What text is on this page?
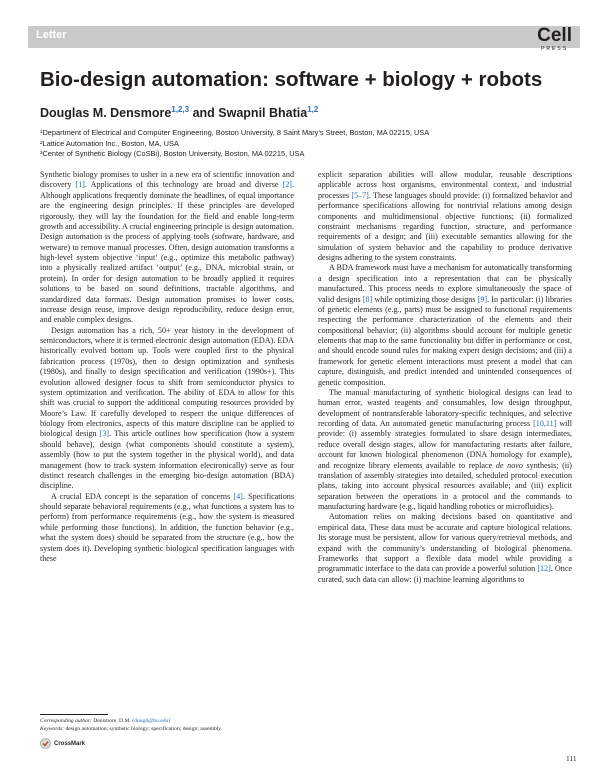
Letter	Cell
PRESS
Bio-design automation: software + biology + robots
Douglas M. Densmore$^{1,2,3}$ and Swapnil Bhatia$^{1,2}$
¹Department of Electrical and Computer Engineering, Boston University, 8 Saint Mary’s Street, Boston, MA 02215, USA
²Lattice Automation Inc., Boston, MA, USA
³Center of Synthetic Biology (CoSBi), Boston University, Boston, MA 02215, USA

Synthetic biology promises to usher in a new era of scientific innovation and discovery [1]. Applications of this technology are broad and diverse [2]. Although applications frequently dominate the headlines, of equal importance are the engineering design principles. If these principles are developed rigorously, they will lay the foundation for the field and enable long-term growth and accessibility. A crucial engineering principle is design automation. Design automation is the process of applying tools (software, hardware, and wetware) to remove manual processes. Often, design automation transforms a high-level system objective ‘input’ (e.g., optimize this metabolic pathway) into a physically realized artifact ‘output’ (e.g., DNA, microbial strain, or protein). In order for design automation to be broadly applied it requires solutions to be based on sound definitions, tractable algorithms, and standardized data formats. Design automation promises to lower costs, increase design reuse, improve design reproducibility, reduce design error, and enable complex designs.

Design automation has a rich, 50+ year history in the development of semiconductors, where it is termed electronic design automation (EDA). EDA historically evolved bottom up. Tools were coupled first to the physical fabrication process (1970s), then to design optimization and synthesis (1980s), and finally to design specification and verification (1990s+). This evolution allowed designer focus to shift from semiconductor physics to system optimization and verification. The ability of EDA to allow for this shift was crucial to support the additional computing resources provided by Moore’s Law. If carefully developed to respect the unique differences of biology from electronics, aspects of this mature discipline can be applied to biological design [3]. This article outlines how specification (how a system should behave), design (what components should constitute a system), assembly (how to put the system together in the physical world), and data management (how to track system information electronically) serve as four distinct research challenges in the emerging bio-design automation (BDA) discipline.

A crucial EDA concept is the separation of concerns [4]. Specifications should separate behavioral requirements (e.g., what functions a system has to perform) from performance requirements (e.g., how the system is measured while performing those functions). In addition, the function behavior (e.g., what the system does) should be separated from the structure (e.g., how the system does it). Developing synthetic biological specification languages with these

explicit separation abilities will allow modular, reusable descriptions applicable across host organisms, environmental context, and industrial processes [5–7]. These languages should provide: (i) formalized behavior and performance specifications allowing for nontrivial relations among design components and multidimensional objective functions; (ii) formalized constraint mechanisms regarding function, structure, and performance requirements of a design; and (iii) executable semantics allowing for the simulation of system behavior and the capability to produce derivative designs adhering to the system constraints.

A BDA framework must have a mechanism for automatically transforming a design specification into a representation that can be physically manufactured. This process needs to explore simultaneously the space of valid designs [8] while optimizing those designs [9]. In particular: (i) libraries of genetic elements (e.g., parts) must be assigned to functional requirements respecting the performance characterization of the elements and their compositional behavior; (ii) algorithms should account for multiple genetic elements that map to the same functionality but differ in performance or cost, and should encode sound rules for making expert design decisions; and (iii) a framework for genetic element interactions must present a model that can capture, distinguish, and predict intended and unintended consequences of genetic composition.

The manual manufacturing of synthetic biological designs can lead to human error, wasted reagents and consumables, low design throughput, development of nontransferable laboratory-specific techniques, and selective recording of data. An automated genetic manufacturing process [10,11] will provide: (i) assembly strategies formulated to share design intermediates, reduce overall design stages, allow for manufacturing restarts after failure, account for known biological phenomenon (DNA homology for example), and recognize library elements available to replace de novo synthesis; (ii) translation of assembly strategies into detailed, scheduled protocol execution plans, taking into account physical resources available; and (iii) explicit separation between the operations in a protocol and the commands to manufacturing hardware (e.g., liquid handling robotics or microfluidics).

Automation relies on making decisions based on quantitative and empirical data. These data must be accurate and capture biological relations. Its storage must be persistent, allow for various query/retrieval methods, and expand with the community’s understanding of biological phenomena. Frameworks that support a flexible data model while providing a programmatic interface to the data can provide a powerful solution [12]. Once curated, such data can allow: (i) machine learning algorithms to

Corresponding author: Densmore, D.M. (dougd@bu.edu)
Keywords: design automation; synthetic biology; specification; design; assembly.
CrossMark
111
